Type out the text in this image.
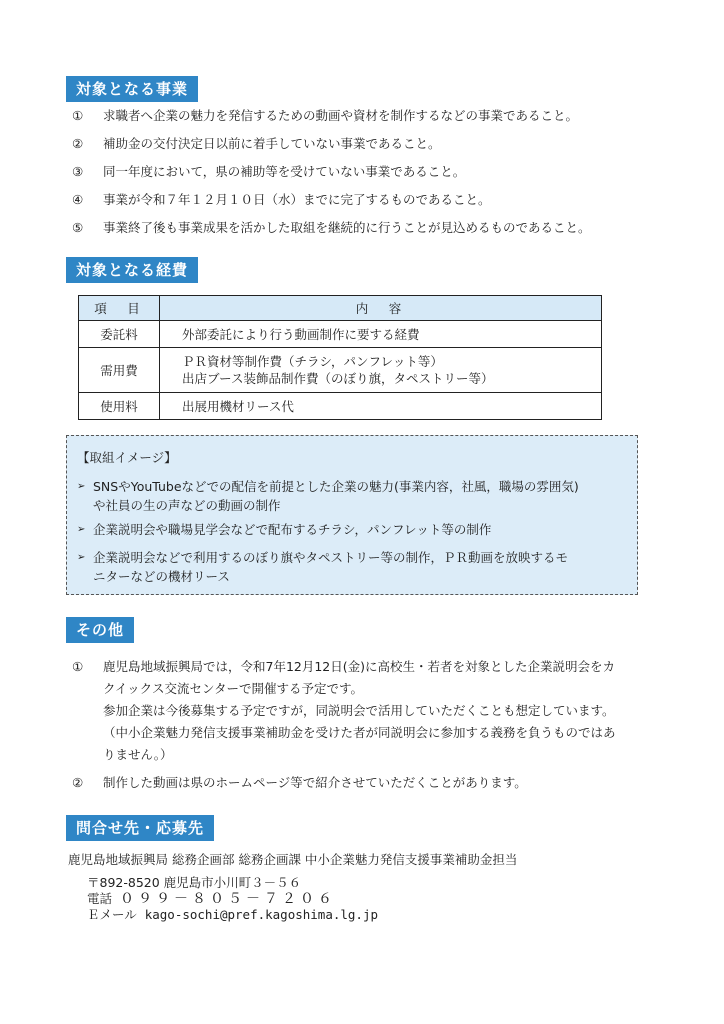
対象となる事業
① 求職者へ企業の魅力を発信するための動画や資材を制作するなどの事業であること。
② 補助金の交付決定日以前に着手していない事業であること。
③ 同一年度において，県の補助等を受けていない事業であること。
④ 事業が令和７年１２月１０日（水）までに完了するものであること。
⑤ 事業終了後も事業成果を活かした取組を継続的に行うことが見込めるものであること。
対象となる経費
項　目	内　容
委託料	外部委託により行う動画制作に要する経費
需用費	ＰＲ資材等制作費（チラシ，パンフレット等）
出店ブース装飾品制作費（のぼり旗，タペストリー等）

使用料	出展用機材リース代
【取組イメージ】
➢ SNSやYouTubeなどでの配信を前提とした企業の魅力(事業内容，社風，職場の雰囲気)
や社員の生の声などの動画の制作
➢ 企業説明会や職場見学会などで配布するチラシ，パンフレット等の制作
➢ 企業説明会などで利用するのぼり旗やタペストリー等の制作，ＰＲ動画を放映するモ
ニターなどの機材リース
その他
① 鹿児島地域振興局では，令和7年12月12日(金)に高校生・若者を対象とした企業説明会をカ
クイックス交流センターで開催する予定です。
参加企業は今後募集する予定ですが，同説明会で活用していただくことも想定しています。
（中小企業魅力発信支援事業補助金を受けた者が同説明会に参加する義務を負うものではあ
りません。）
② 制作した動画は県のホームページ等で紹介させていただくことがあります。
問合せ先・応募先
鹿児島地域振興局 総務企画部 総務企画課 中小企業魅力発信支援事業補助金担当
〒892-8520 鹿児島市小川町３－５６
電話 ０９９－８０５－７２０６
Ｅメール kago-sochi@pref.kagoshima.lg.jp
